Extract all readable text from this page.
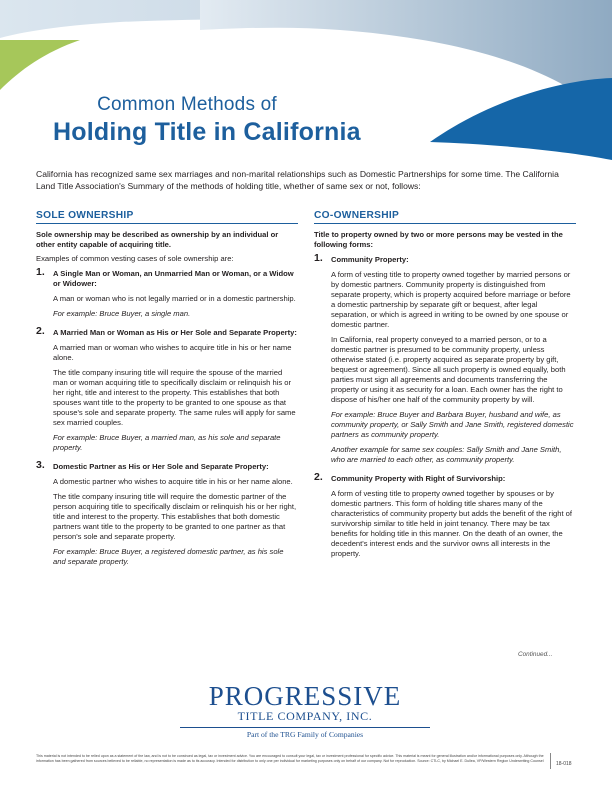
Common Methods of
Holding Title in California
California has recognized same sex marriages and non-marital relationships such as Domestic Partnerships for some time. The California Land Title Association's Summary of the methods of holding title, whether of same sex or not, follows:
SOLE OWNERSHIP
Sole ownership may be described as ownership by an individual or other entity capable of acquiring title.
Examples of common vesting cases of sole ownership are:
1. A Single Man or Woman, an Unmarried Man or Woman, or a Widow or Widower:

A man or woman who is not legally married or in a domestic partnership.

For example: Bruce Buyer, a single man.

2. A Married Man or Woman as His or Her Sole and Separate Property:

A married man or woman who wishes to acquire title in his or her name alone.

The title company insuring title will require the spouse of the married man or woman acquiring title to specifically disclaim or relinquish his or her right, title and interest to the property. This establishes that both spouses want title to the property to be granted to one spouse as that spouse's sole and separate property. The same rules will apply for same sex married couples.

For example: Bruce Buyer, a married man, as his sole and separate property.

3. Domestic Partner as His or Her Sole and Separate Property:

A domestic partner who wishes to acquire title in his or her name alone.

The title company insuring title will require the domestic partner of the person acquiring title to specifically disclaim or relinquish his or her right, title and interest to the property. This establishes that both domestic partners want title to the property to be granted to one partner as that person's sole and separate property.

For example: Bruce Buyer, a registered domestic partner, as his sole and separate property.

CO-OWNERSHIP
Title to property owned by two or more persons may be vested in the following forms:
1. Community Property:

A form of vesting title to property owned together by married persons or by domestic partners. Community property is distinguished from separate property, which is property acquired before marriage or before a domestic partnership by separate gift or bequest, after legal separation, or which is agreed in writing to be owned by one spouse or domestic partner.

In California, real property conveyed to a married person, or to a domestic partner is presumed to be community property, unless otherwise stated (i.e. property acquired as separate property by gift, bequest or agreement). Since all such property is owned equally, both parties must sign all agreements and documents transferring the property or using it as security for a loan. Each owner has the right to dispose of his/her one half of the community property by will.

For example: Bruce Buyer and Barbara Buyer, husband and wife, as community property, or Sally Smith and Jane Smith, registered domestic partners as community property.

Another example for same sex couples: Sally Smith and Jane Smith, who are married to each other, as community property.

2. Community Property with Right of Survivorship:

A form of vesting title to property owned together by spouses or by domestic partners. This form of holding title shares many of the characteristics of community property but adds the benefit of the right of survivorship similar to title held in joint tenancy. There may be tax benefits for holding title in this manner. On the death of an owner, the decedent's interest ends and the survivor owns all interests in the property.

Continued...
PROGRESSIVE
TITLE COMPANY, INC.
Part of the TRG Family of Companies
This material is not intended to be relied upon as a statement of the law, and is not to be construed as legal, tax or investment advice. You are encouraged to consult your legal, tax or investment professional for specific advice. This material is meant for general illustration and/or informational purposes only. Although the information has been gathered from sources believed to be reliable, no representation is made as to its accuracy. Intended for distribution to only one per individual for marketing purposes only on behalf of our company. Not for reproduction. Source: CTLC, by Michael E. Dullea, VP/Western Region Underwriting Counsel	18-018
